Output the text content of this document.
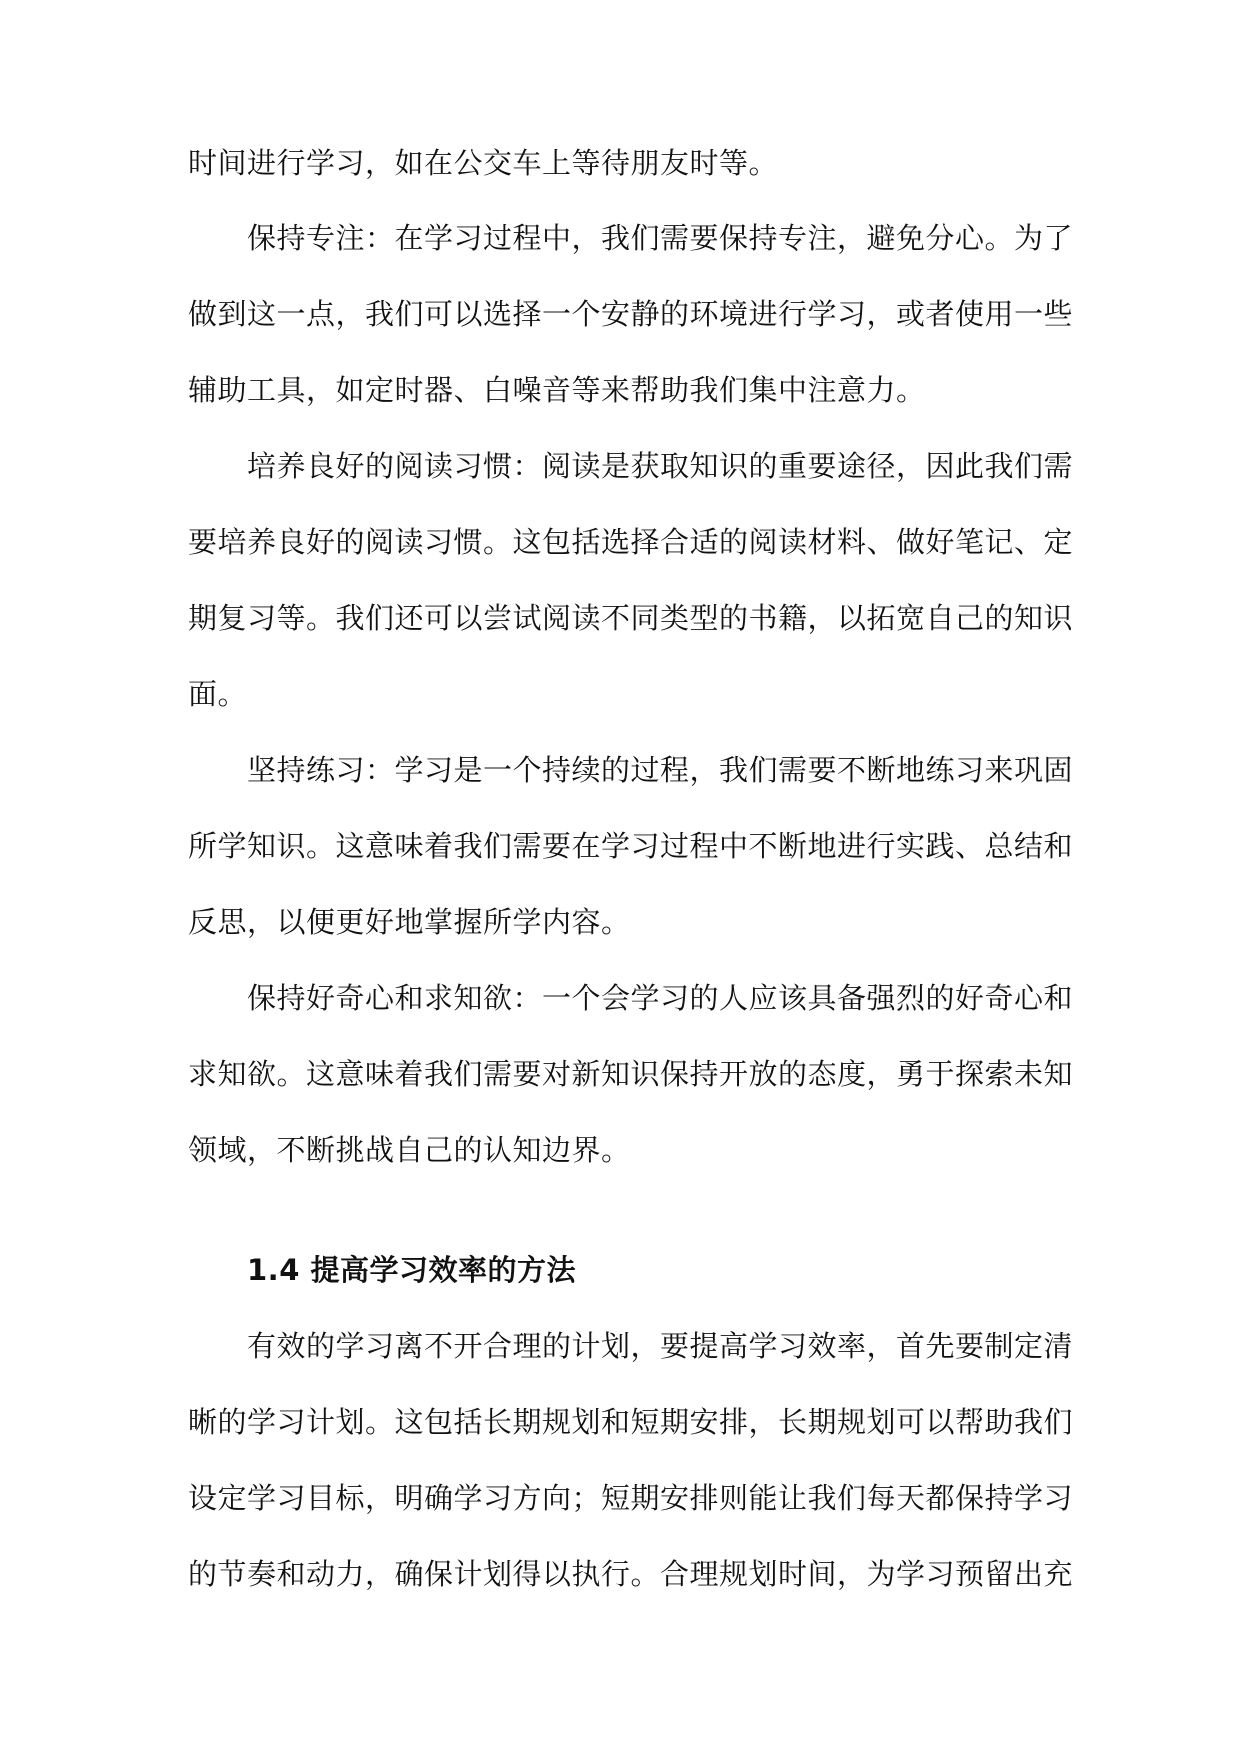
时间进行学习，如在公交车上等待朋友时等。

保持专注：在学习过程中，我们需要保持专注，避免分心。为了

做到这一点，我们可以选择一个安静的环境进行学习，或者使用一些

辅助工具，如定时器、白噪音等来帮助我们集中注意力。

培养良好的阅读习惯：阅读是获取知识的重要途径，因此我们需

要培养良好的阅读习惯。这包括选择合适的阅读材料、做好笔记、定

期复习等。我们还可以尝试阅读不同类型的书籍，以拓宽自己的知识

面。

坚持练习：学习是一个持续的过程，我们需要不断地练习来巩固

所学知识。这意味着我们需要在学习过程中不断地进行实践、总结和

反思，以便更好地掌握所学内容。

保持好奇心和求知欲：一个会学习的人应该具备强烈的好奇心和

求知欲。这意味着我们需要对新知识保持开放的态度，勇于探索未知

领域，不断挑战自己的认知边界。

1.4 提高学习效率的方法

有效的学习离不开合理的计划，要提高学习效率，首先要制定清

晰的学习计划。这包括长期规划和短期安排，长期规划可以帮助我们

设定学习目标，明确学习方向；短期安排则能让我们每天都保持学习

的节奏和动力，确保计划得以执行。合理规划时间，为学习预留出充
